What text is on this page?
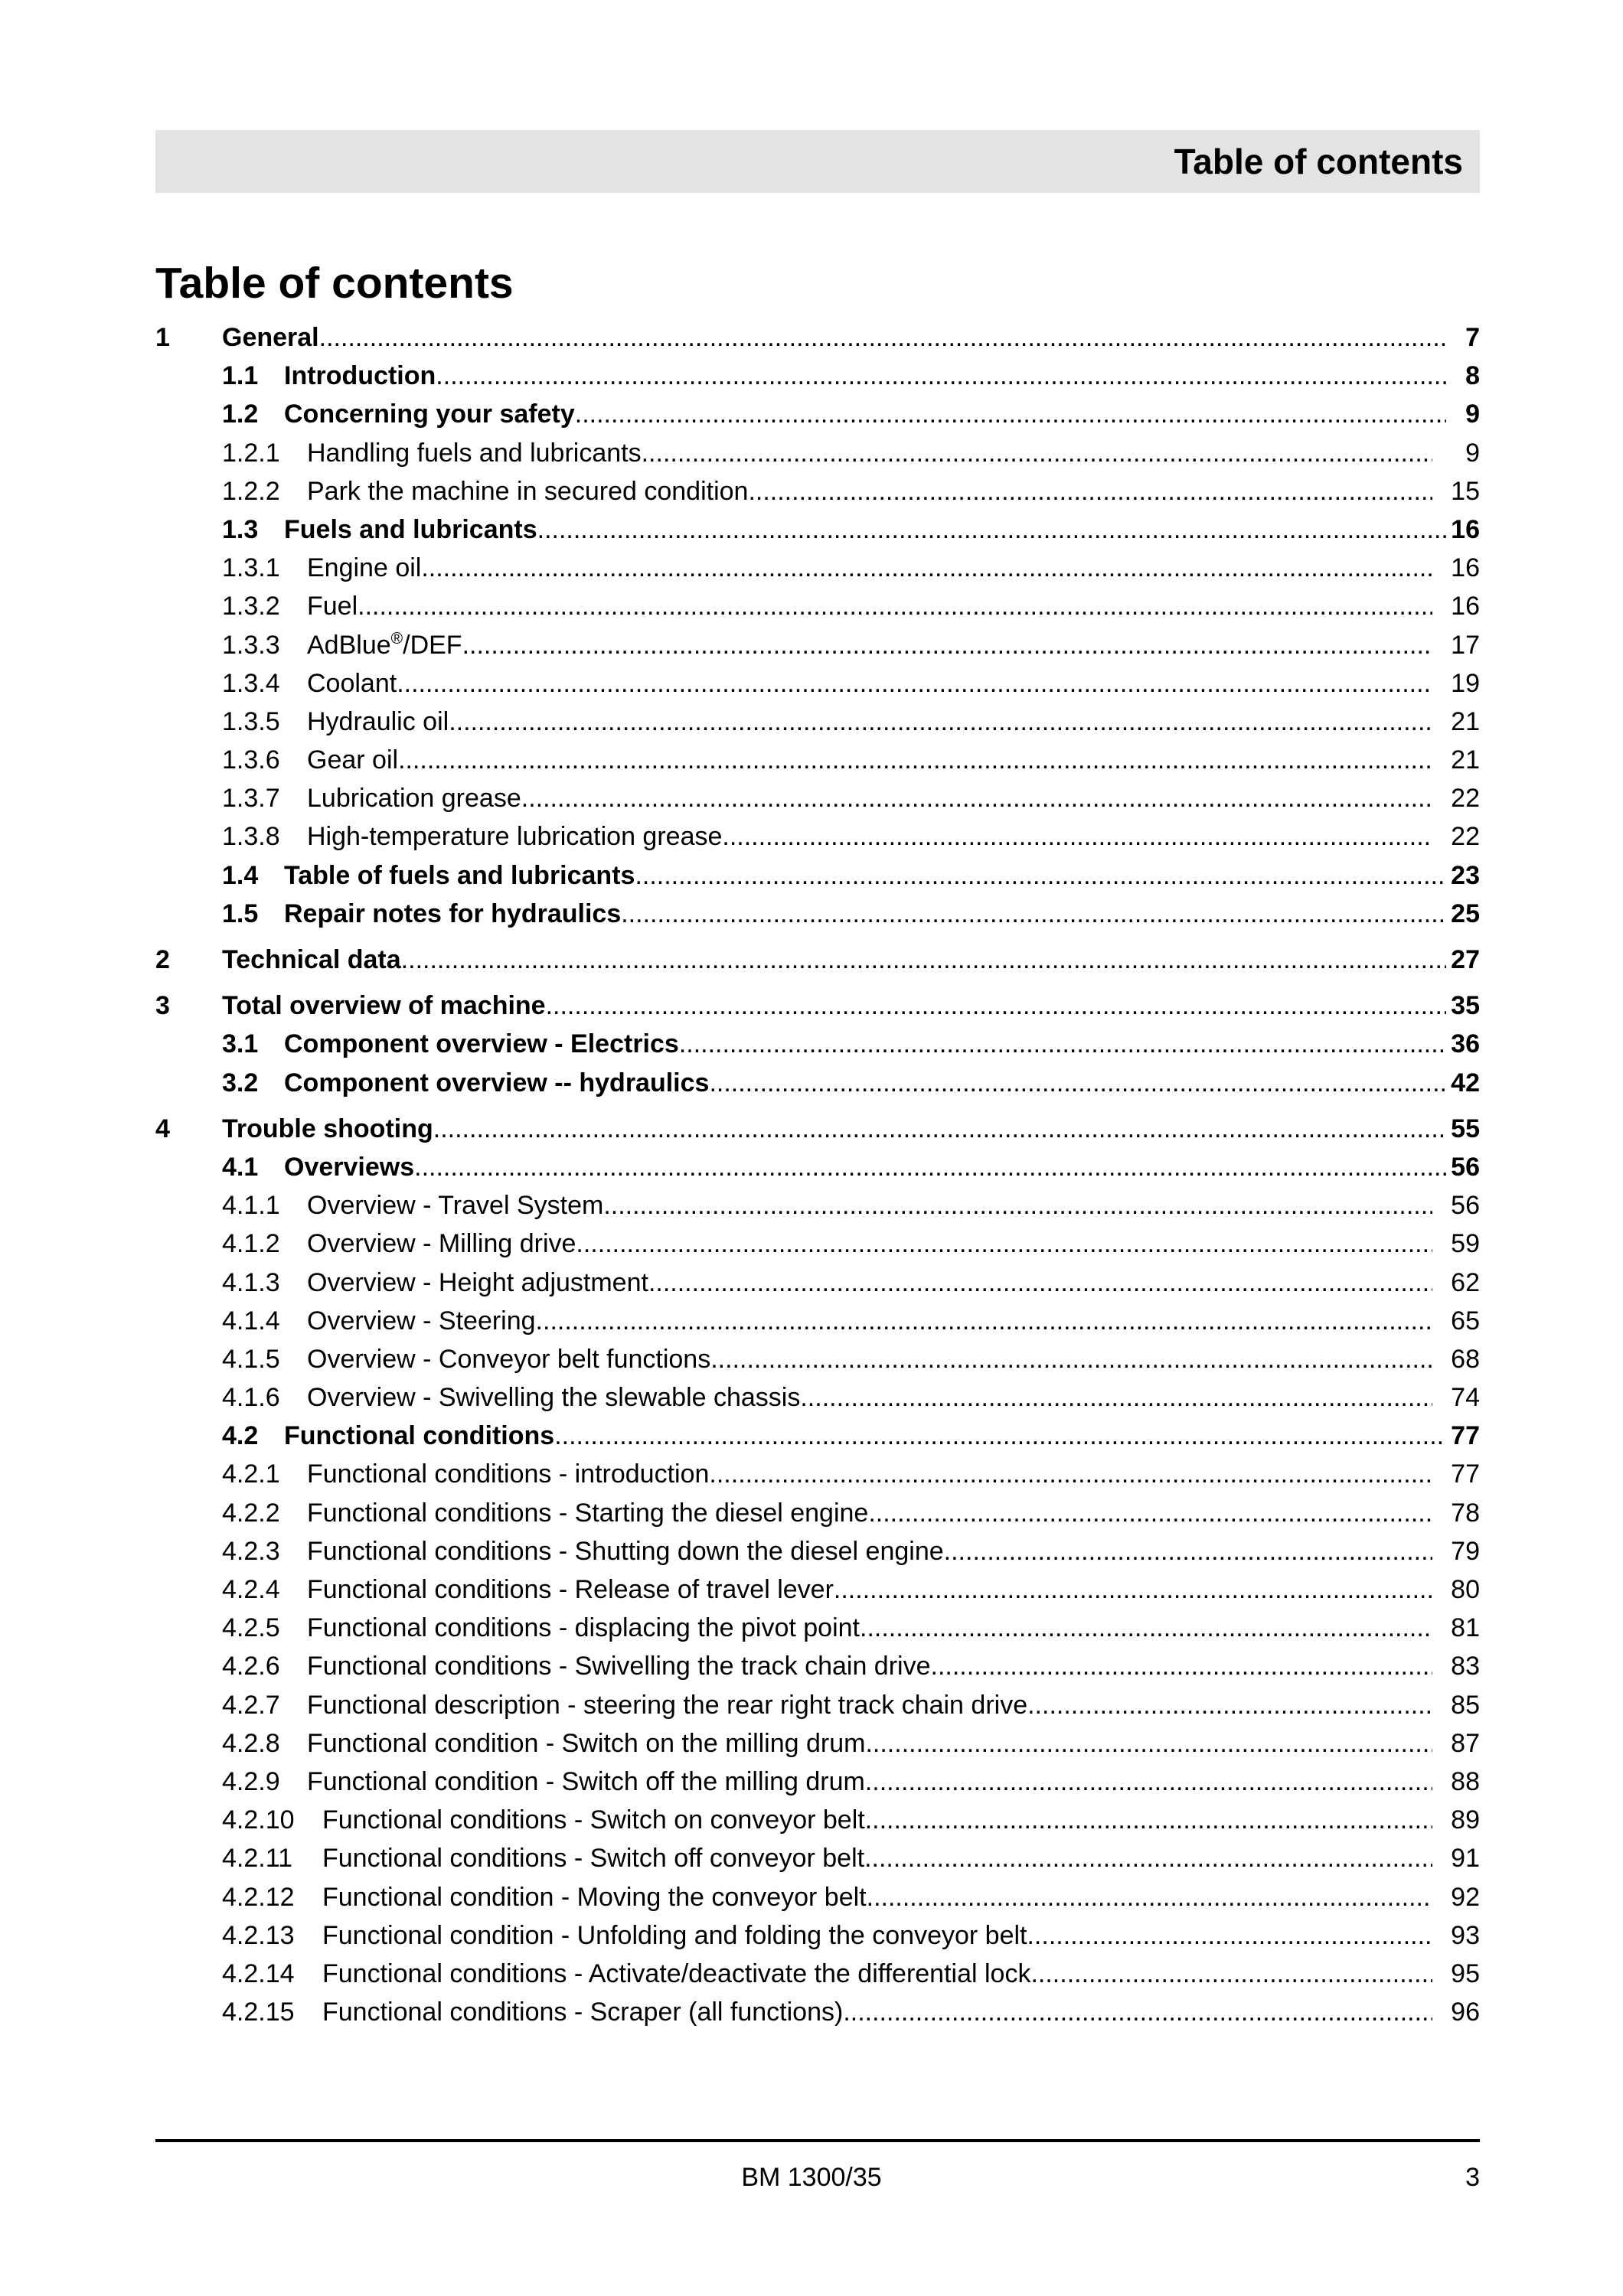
Table of contents
Table of contents
1 General .....	7
1.1 Introduction .....	8
1.2 Concerning your safety .....	9
1.2.1 Handling fuels and lubricants .....	9
1.2.2 Park the machine in secured condition .....	15
1.3 Fuels and lubricants .....	16
1.3.1 Engine oil .....	16
1.3.2 Fuel .....	16
1.3.3 AdBlue®/DEF .....	17
1.3.4 Coolant .....	19
1.3.5 Hydraulic oil .....	21
1.3.6 Gear oil .....	21
1.3.7 Lubrication grease .....	22
1.3.8 High-temperature lubrication grease .....	22
1.4 Table of fuels and lubricants .....	23
1.5 Repair notes for hydraulics .....	25
2 Technical data .....	27
3 Total overview of machine .....	35
3.1 Component overview - Electrics .....	36
3.2 Component overview -- hydraulics .....	42
4 Trouble shooting .....	55
4.1 Overviews .....	56
4.1.1 Overview - Travel System .....	56
4.1.2 Overview - Milling drive .....	59
4.1.3 Overview - Height adjustment .....	62
4.1.4 Overview - Steering .....	65
4.1.5 Overview - Conveyor belt functions .....	68
4.1.6 Overview - Swivelling the slewable chassis .....	74
4.2 Functional conditions .....	77
4.2.1 Functional conditions - introduction .....	77
4.2.2 Functional conditions - Starting the diesel engine .....	78
4.2.3 Functional conditions - Shutting down the diesel engine .....	79
4.2.4 Functional conditions - Release of travel lever .....	80
4.2.5 Functional conditions - displacing the pivot point .....	81
4.2.6 Functional conditions - Swivelling the track chain drive .....	83
4.2.7 Functional description - steering the rear right track chain drive .....	85
4.2.8 Functional condition - Switch on the milling drum .....	87
4.2.9 Functional condition - Switch off the milling drum .....	88
4.2.10 Functional conditions - Switch on conveyor belt .....	89
4.2.11 Functional conditions - Switch off conveyor belt .....	91
4.2.12 Functional condition - Moving the conveyor belt .....	92
4.2.13 Functional condition - Unfolding and folding the conveyor belt .....	93
4.2.14 Functional conditions - Activate/deactivate the differential lock .....	95
4.2.15 Functional conditions - Scraper (all functions) .....	96
BM 1300/35	3
